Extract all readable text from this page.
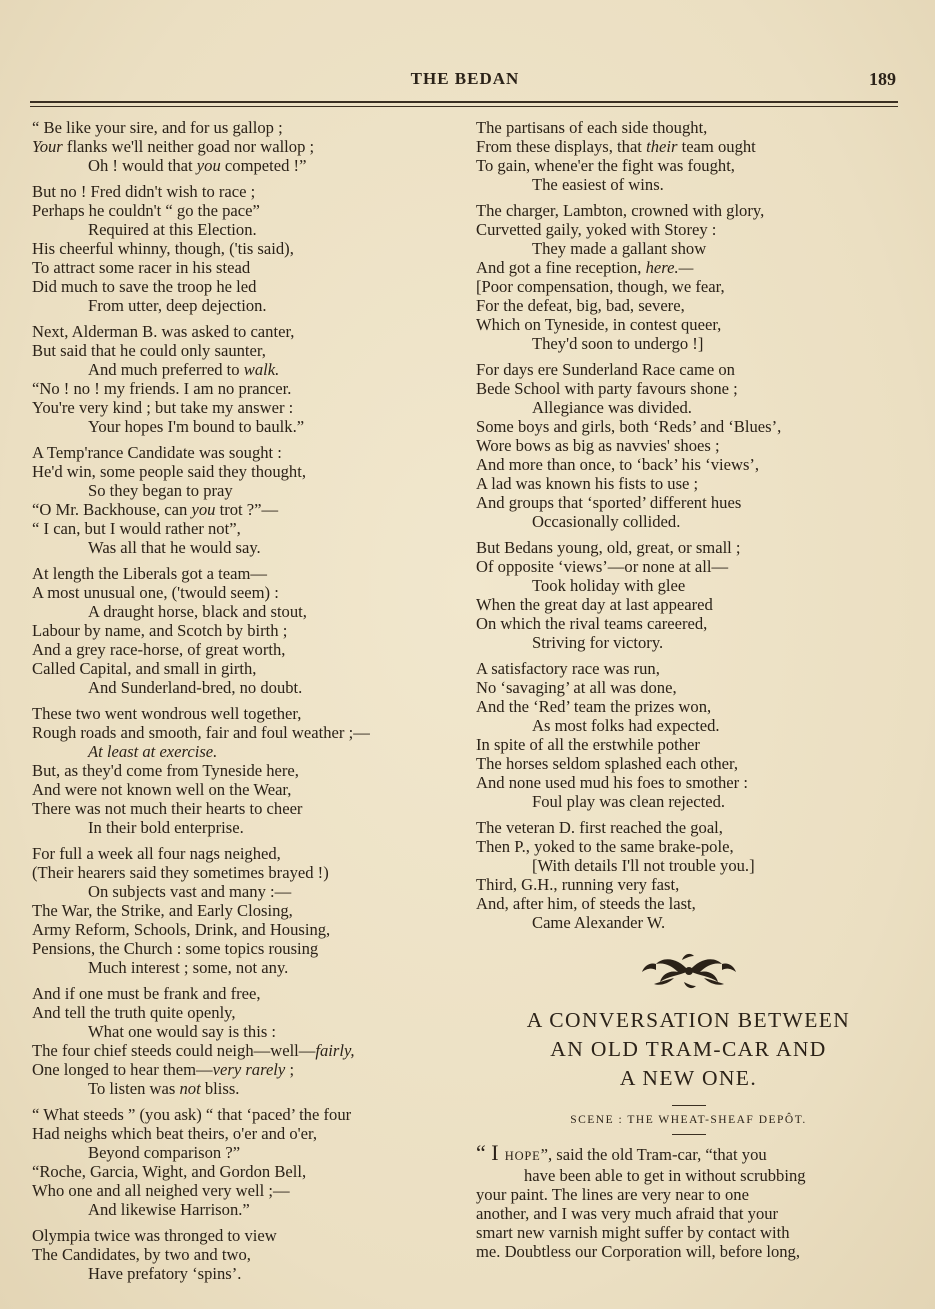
THE BEDAN	189
“ Be like your sire, and for us gallop ;
Your flanks we'll neither goad nor wallop ;
Oh ! would that you competed !”
But no ! Fred didn't wish to race ;
Perhaps he couldn't “ go the pace”
Required at this Election.
His cheerful whinny, though, ('tis said),
To attract some racer in his stead
Did much to save the troop he led
From utter, deep dejection.
Next, Alderman B. was asked to canter,
But said that he could only saunter,
And much preferred to walk.
“No ! no ! my friends. I am no prancer.
You're very kind ; but take my answer :
Your hopes I'm bound to baulk.”
A Temp'rance Candidate was sought :
He'd win, some people said they thought,
So they began to pray
“O Mr. Backhouse, can you trot ?”—
“ I can, but I would rather not”,
Was all that he would say.
At length the Liberals got a team—
A most unusual one, ('twould seem) :
A draught horse, black and stout,
Labour by name, and Scotch by birth ;
And a grey race-horse, of great worth,
Called Capital, and small in girth,
And Sunderland-bred, no doubt.
These two went wondrous well together,
Rough roads and smooth, fair and foul weather ;—
At least at exercise.
But, as they'd come from Tyneside here,
And were not known well on the Wear,
There was not much their hearts to cheer
In their bold enterprise.
For full a week all four nags neighed,
(Their hearers said they sometimes brayed !)
On subjects vast and many :—
The War, the Strike, and Early Closing,
Army Reform, Schools, Drink, and Housing,
Pensions, the Church : some topics rousing
Much interest ; some, not any.
And if one must be frank and free,
And tell the truth quite openly,
What one would say is this :
The four chief steeds could neigh—well—fairly,
One longed to hear them—very rarely ;
To listen was not bliss.
“ What steeds ” (you ask) “ that ‘paced’ the four
Had neighs which beat theirs, o'er and o'er,
Beyond comparison ?”
“Roche, Garcia, Wight, and Gordon Bell,
Who one and all neighed very well ;—
And likewise Harrison.”
Olympia twice was thronged to view
The Candidates, by two and two,
Have prefatory ‘spins’.
The partisans of each side thought,
From these displays, that their team ought
To gain, whene'er the fight was fought,
The easiest of wins.
The charger, Lambton, crowned with glory,
Curvetted gaily, yoked with Storey :
They made a gallant show
And got a fine reception, here.—
[Poor compensation, though, we fear,
For the defeat, big, bad, severe,
Which on Tyneside, in contest queer,
They'd soon to undergo !]
For days ere Sunderland Race came on
Bede School with party favours shone ;
Allegiance was divided.
Some boys and girls, both ‘Reds’ and ‘Blues’,
Wore bows as big as navvies' shoes ;
And more than once, to ‘back’ his ‘views’,
A lad was known his fists to use ;
And groups that ‘sported’ different hues
Occasionally collided.
But Bedans young, old, great, or small ;
Of opposite ‘views’—or none at all—
Took holiday with glee
When the great day at last appeared
On which the rival teams careered,
Striving for victory.
A satisfactory race was run,
No ‘savaging’ at all was done,
And the ‘Red’ team the prizes won,
As most folks had expected.
In spite of all the erstwhile pother
The horses seldom splashed each other,
And none used mud his foes to smother :
Foul play was clean rejected.
The veteran D. first reached the goal,
Then P., yoked to the same brake-pole,
[With details I'll not trouble you.]
Third, G.H., running very fast,
And, after him, of steeds the last,
Came Alexander W.
A CONVERSATION BETWEEN
AN OLD TRAM-CAR AND
A NEW ONE.
SCENE : THE WHEAT-SHEAF DEPÔT.
“ I HOPE”, said the old Tram-car, “that you
have been able to get in without scrubbing
your paint. The lines are very near to one
another, and I was very much afraid that your
smart new varnish might suffer by contact with
me. Doubtless our Corporation will, before long,
